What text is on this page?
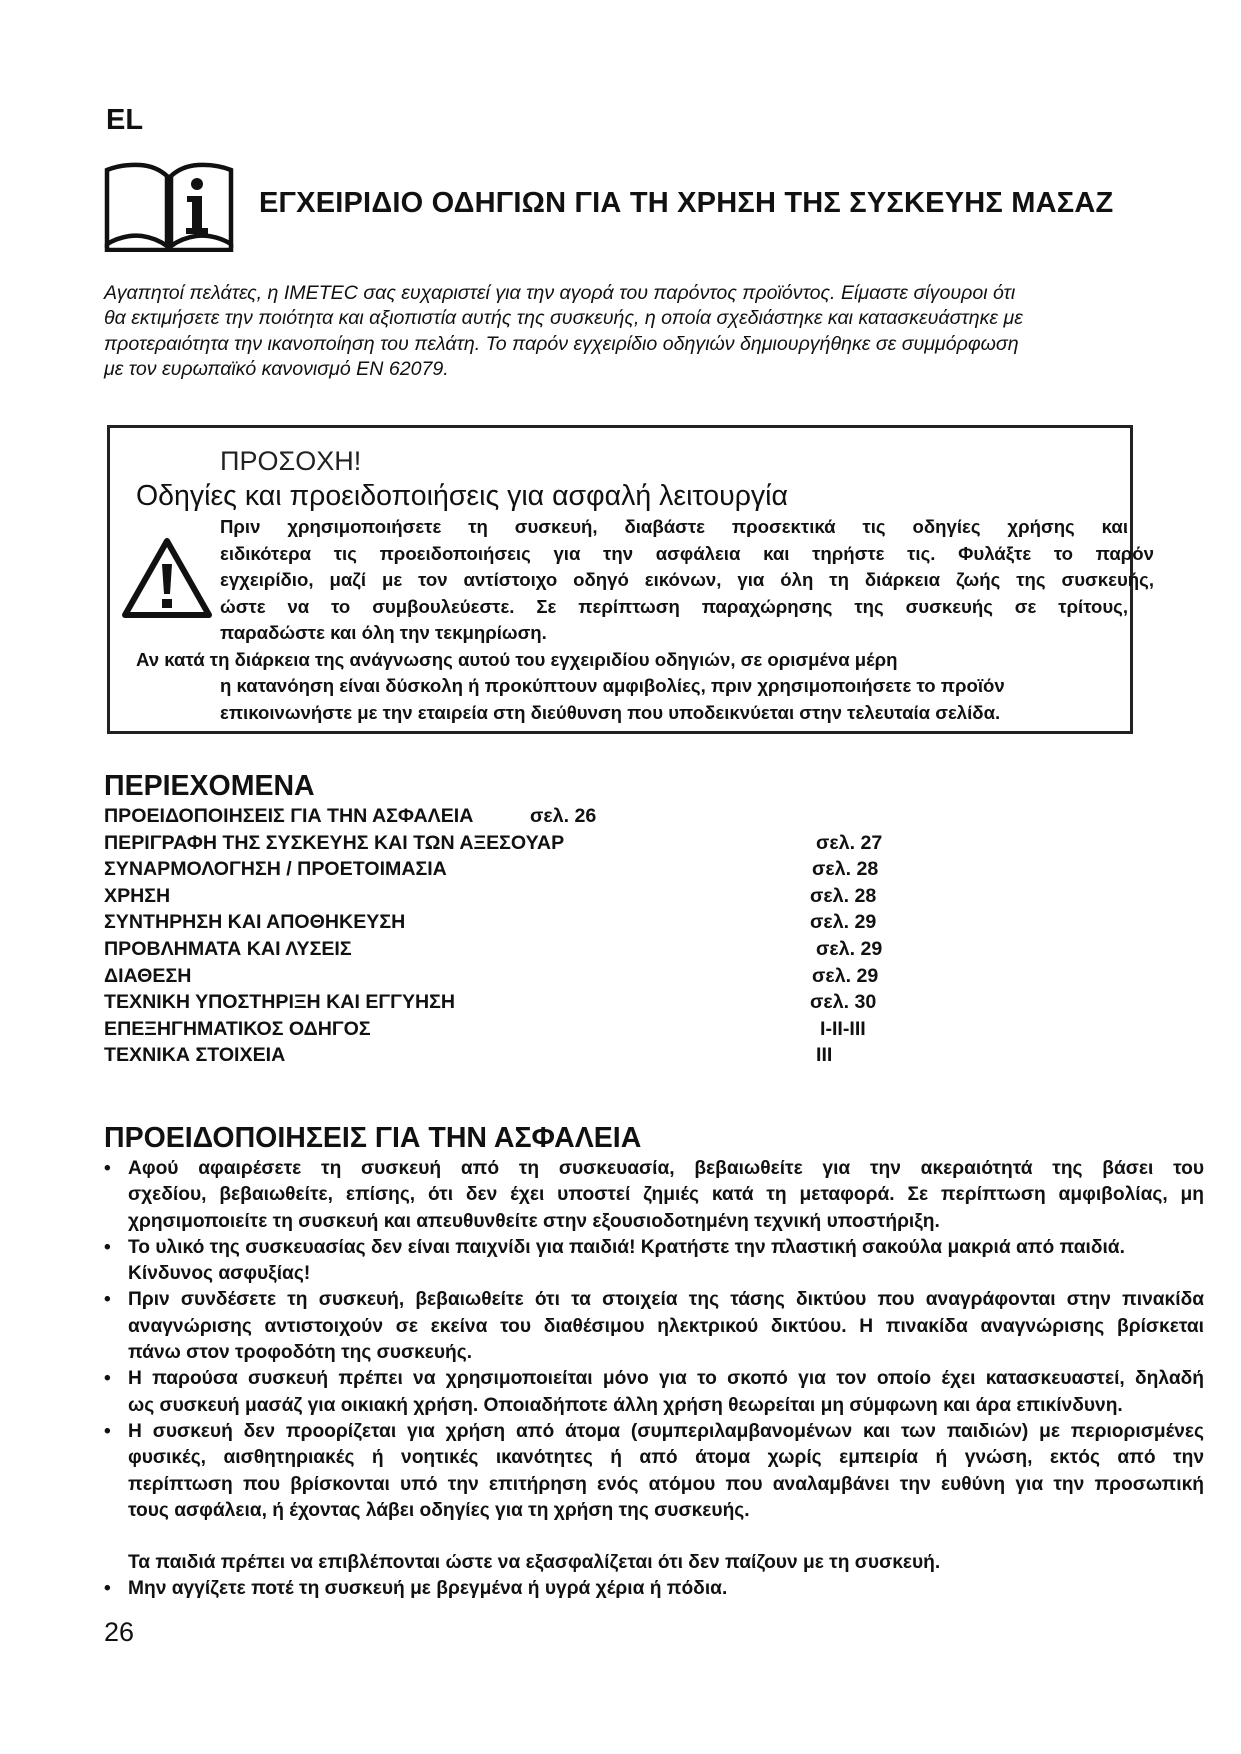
EL
ΕΓΧΕΙΡΙΔΙΟ ΟΔΗΓΙΩΝ ΓΙΑ ΤΗ ΧΡΗΣΗ ΤΗΣ ΣΥΣΚΕΥΗΣ ΜΑΣΑΖ

Αγαπητοί πελάτες, η IMETEC σας ευχαριστεί για την αγορά του παρόντος προϊόντος. Είμαστε σίγουροι ότι

θα εκτιμήσετε την ποιότητα και αξιοπιστία αυτής της συσκευής, η οποία σχεδιάστηκε και κατασκευάστηκε με

προτεραιότητα την ικανοποίηση του πελάτη. Το παρόν εγχειρίδιο οδηγιών δημιουργήθηκε σε συμμόρφωση

με τον ευρωπαϊκό κανονισμό EN 62079.

ΠΡΟΣΟΧΗ!
Οδηγίες και προειδοποιήσεις για ασφαλή λειτουργία
Πριν χρησιμοποιήσετε τη συσκευή, διαβάστε προσεκτικά τις οδηγίες χρήσης και
ειδικότερα τις προειδοποιήσεις για την ασφάλεια και τηρήστε τις. Φυλάξτε το παρόν
εγχειρίδιο, μαζί με τον αντίστοιχο οδηγό εικόνων, για όλη τη διάρκεια ζωής της συσκευής,
ώστε να το συμβουλεύεστε. Σε περίπτωση παραχώρησης της συσκευής σε τρίτους,
παραδώστε και όλη την τεκμηρίωση.
Αν κατά τη διάρκεια της ανάγνωσης αυτού του εγχειριδίου οδηγιών, σε ορισμένα μέρη
η κατανόηση είναι δύσκολη ή προκύπτουν αμφιβολίες, πριν χρησιμοποιήσετε το προϊόν
επικοινωνήστε με την εταιρεία στη διεύθυνση που υποδεικνύεται στην τελευταία σελίδα.
ΠΕΡΙΕΧΟΜΕΝΑ
ΠΡΟΕΙΔΟΠΟΙΗΣΕΙΣ ΓΙΑ ΤΗΝ ΑΣΦΑΛΕΙΑ	σελ. 26
ΠΕΡΙΓΡΑΦΗ ΤΗΣ ΣΥΣΚΕΥΗΣ ΚΑΙ ΤΩΝ ΑΞΕΣΟΥΑΡ	σελ. 27
ΣΥΝΑΡΜΟΛΟΓΗΣΗ / ΠΡΟΕΤΟΙΜΑΣΙΑ	σελ. 28
ΧΡΗΣΗ	σελ. 28
ΣΥΝΤΗΡΗΣΗ ΚΑΙ ΑΠΟΘΗΚΕΥΣΗ	σελ. 29
ΠΡΟΒΛΗΜΑΤΑ ΚΑΙ ΛΥΣΕΙΣ	σελ. 29
ΔΙΑΘΕΣΗ	σελ. 29
ΤΕΧΝΙΚΗ ΥΠΟΣΤΗΡΙΞΗ ΚΑΙ ΕΓΓΥΗΣΗ	σελ. 30
ΕΠΕΞΗΓΗΜΑΤΙΚΟΣ ΟΔΗΓΟΣ	I-II-III
ΤΕΧΝΙΚΑ ΣΤΟΙΧΕΙΑ	III
ΠΡΟΕΙΔΟΠΟΙΗΣΕΙΣ ΓΙΑ ΤΗΝ ΑΣΦΑΛΕΙΑ
• Αφού αφαιρέσετε τη συσκευή από τη συσκευασία, βεβαιωθείτε για την ακεραιότητά της βάσει του
σχεδίου, βεβαιωθείτε, επίσης, ότι δεν έχει υποστεί ζημιές κατά τη μεταφορά. Σε περίπτωση αμφιβολίας, μη
χρησιμοποιείτε τη συσκευή και απευθυνθείτε στην εξουσιοδοτημένη τεχνική υποστήριξη.
• Το υλικό της συσκευασίας δεν είναι παιχνίδι για παιδιά! Κρατήστε την πλαστική σακούλα μακριά από παιδιά.
Κίνδυνος ασφυξίας!
• Πριν συνδέσετε τη συσκευή, βεβαιωθείτε ότι τα στοιχεία της τάσης δικτύου που αναγράφονται στην πινακίδα
αναγνώρισης αντιστοιχούν σε εκείνα του διαθέσιμου ηλεκτρικού δικτύου. Η πινακίδα αναγνώρισης βρίσκεται
πάνω στον τροφοδότη της συσκευής.
• Η παρούσα συσκευή πρέπει να χρησιμοποιείται μόνο για το σκοπό για τον οποίο έχει κατασκευαστεί, δηλαδή
ως συσκευή μασάζ για οικιακή χρήση. Οποιαδήποτε άλλη χρήση θεωρείται μη σύμφωνη και άρα επικίνδυνη.
• Η συσκευή δεν προορίζεται για χρήση από άτομα (συμπεριλαμβανομένων και των παιδιών) με περιορισμένες
φυσικές, αισθητηριακές ή νοητικές ικανότητες ή από άτομα χωρίς εμπειρία ή γνώση, εκτός από την
περίπτωση που βρίσκονται υπό την επιτήρηση ενός ατόμου που αναλαμβάνει την ευθύνη για την προσωπική
τους ασφάλεια, ή έχοντας λάβει οδηγίες για τη χρήση της συσκευής.
Τα παιδιά πρέπει να επιβλέπονται ώστε να εξασφαλίζεται ότι δεν παίζουν με τη συσκευή.
• Μην αγγίζετε ποτέ τη συσκευή με βρεγμένα ή υγρά χέρια ή πόδια.
26
